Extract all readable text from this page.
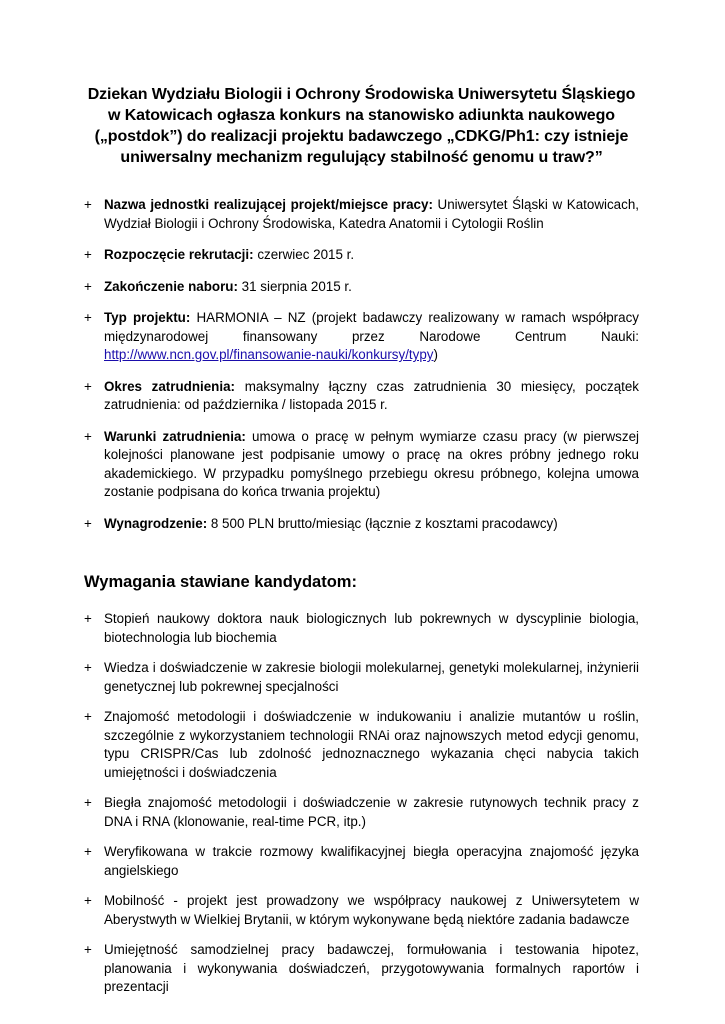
Dziekan Wydziału Biologii i Ochrony Środowiska Uniwersytetu Śląskiego
w Katowicach ogłasza konkurs na stanowisko adiunkta naukowego
(„postdok”) do realizacji projektu badawczego „CDKG/Ph1: czy istnieje
uniwersalny mechanizm regulujący stabilność genomu u traw?”
+ Nazwa jednostki realizującej projekt/miejsce pracy: Uniwersytet Śląski w Katowicach, Wydział Biologii i Ochrony Środowiska, Katedra Anatomii i Cytologii Roślin
+ Rozpoczęcie rekrutacji: czerwiec 2015 r.
+ Zakończenie naboru: 31 sierpnia 2015 r.
+ Typ projektu: HARMONIA – NZ (projekt badawczy realizowany w ramach współpracy międzynarodowej finansowany przez Narodowe Centrum Nauki: http://www.ncn.gov.pl/finansowanie-nauki/konkursy/typy)
+ Okres zatrudnienia: maksymalny łączny czas zatrudnienia 30 miesięcy, początek zatrudnienia: od października / listopada 2015 r.
+ Warunki zatrudnienia: umowa o pracę w pełnym wymiarze czasu pracy (w pierwszej kolejności planowane jest podpisanie umowy o pracę na okres próbny jednego roku akademickiego. W przypadku pomyślnego przebiegu okresu próbnego, kolejna umowa zostanie podpisana do końca trwania projektu)
+ Wynagrodzenie: 8 500 PLN brutto/miesiąc (łącznie z kosztami pracodawcy)
Wymagania stawiane kandydatom:
+ Stopień naukowy doktora nauk biologicznych lub pokrewnych w dyscyplinie biologia, biotechnologia lub biochemia
+ Wiedza i doświadczenie w zakresie biologii molekularnej, genetyki molekularnej, inżynierii genetycznej lub pokrewnej specjalności
+ Znajomość metodologii i doświadczenie w indukowaniu i analizie mutantów u roślin, szczególnie z wykorzystaniem technologii RNAi oraz najnowszych metod edycji genomu, typu CRISPR/Cas lub zdolność jednoznacznego wykazania chęci nabycia takich umiejętności i doświadczenia
+ Biegła znajomość metodologii i doświadczenie w zakresie rutynowych technik pracy z DNA i RNA (klonowanie, real-time PCR, itp.)
+ Weryfikowana w trakcie rozmowy kwalifikacyjnej biegła operacyjna znajomość języka angielskiego
+ Mobilność - projekt jest prowadzony we współpracy naukowej z Uniwersytetem w Aberystwyth w Wielkiej Brytanii, w którym wykonywane będą niektóre zadania badawcze
+ Umiejętność samodzielnej pracy badawczej, formułowania i testowania hipotez, planowania i wykonywania doświadczeń, przygotowywania formalnych raportów i prezentacji
